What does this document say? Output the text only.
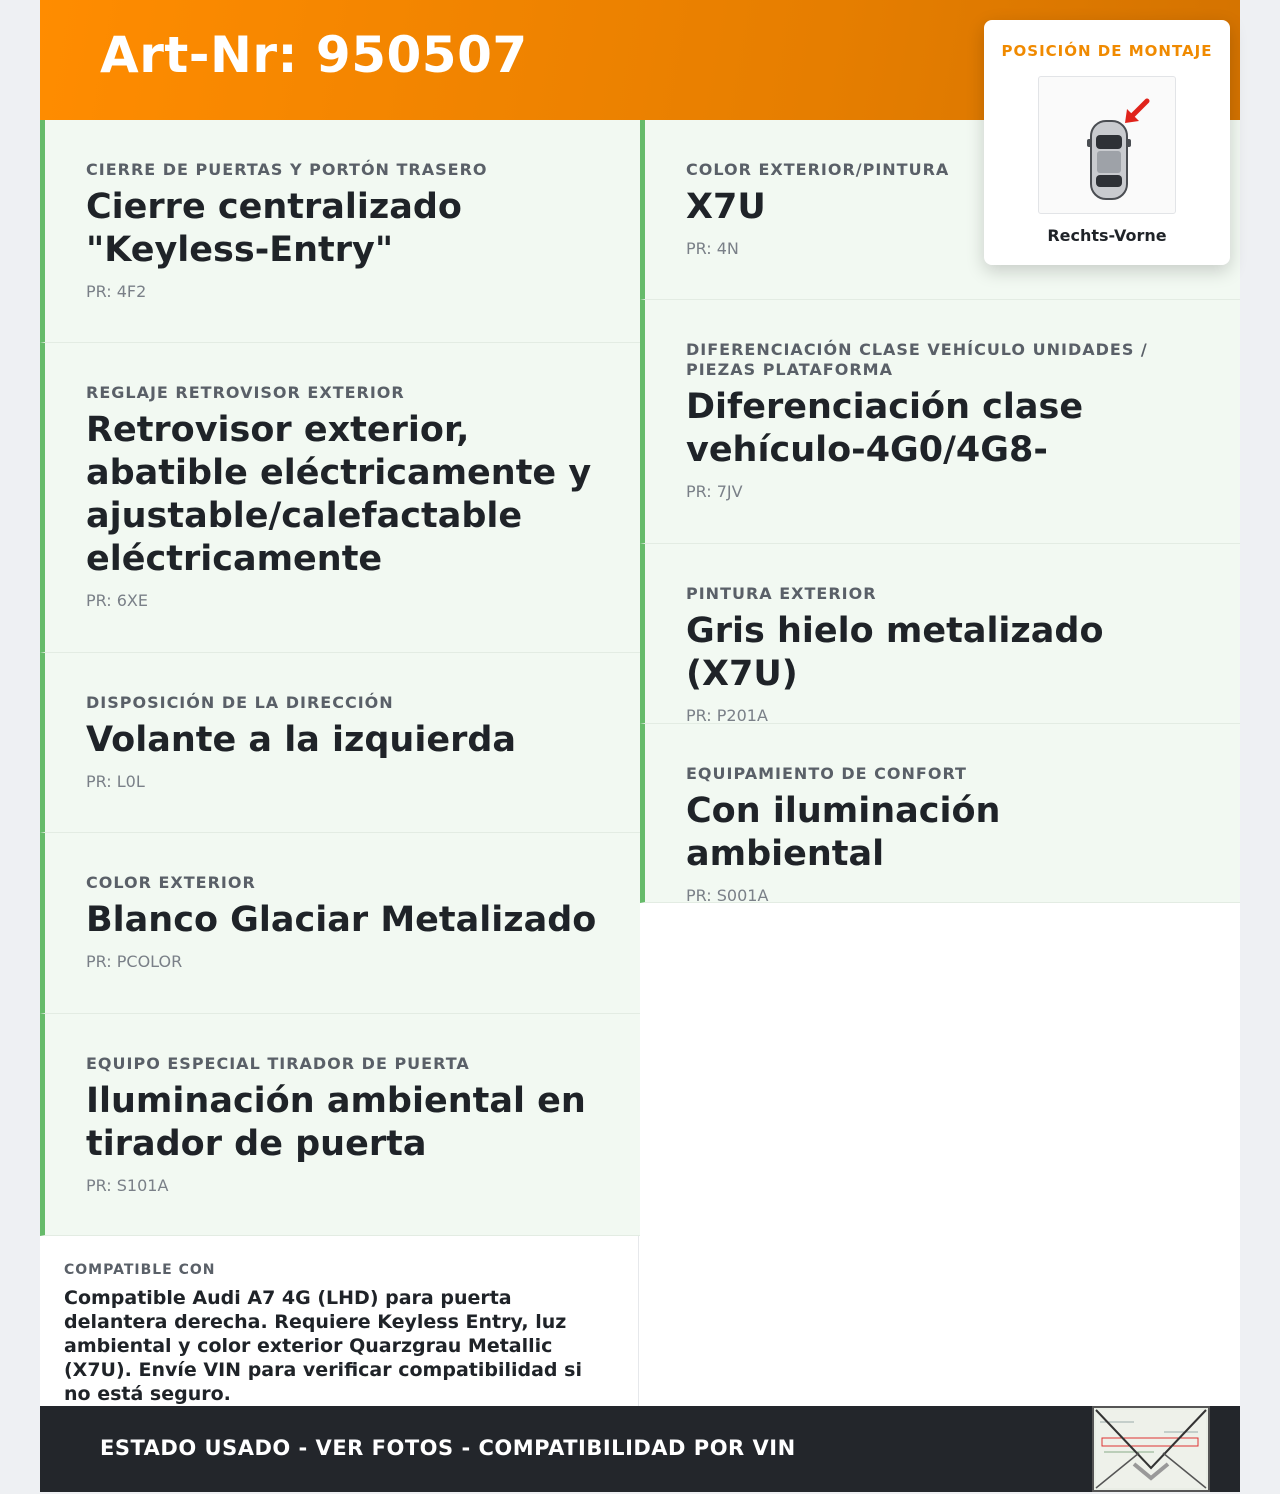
Art-Nr: 950507
CIERRE DE PUERTAS Y PORTÓN TRASERO
Cierre centralizado "Keyless-Entry"
PR: 4F2
REGLAJE RETROVISOR EXTERIOR
Retrovisor exterior, abatible eléctricamente y ajustable/calefactable eléctricamente
PR: 6XE
DISPOSICIÓN DE LA DIRECCIÓN
Volante a la izquierda
PR: L0L
COLOR EXTERIOR
Blanco Glaciar Metalizado
PR: PCOLOR
EQUIPO ESPECIAL TIRADOR DE PUERTA
Iluminación ambiental en tirador de puerta
PR: S101A
COLOR EXTERIOR/PINTURA
X7U
PR: 4N
DIFERENCIACIÓN CLASE VEHÍCULO UNIDADES / PIEZAS PLATAFORMA
Diferenciación clase vehículo-4G0/4G8-
PR: 7JV
PINTURA EXTERIOR
Gris hielo metalizado (X7U)
PR: P201A
EQUIPAMIENTO DE CONFORT
Con iluminación ambiental
PR: S001A
COMPATIBLE CON
Compatible Audi A7 4G (LHD) para puerta delantera derecha. Requiere Keyless Entry, luz ambiental y color exterior Quarzgrau Metallic (X7U). Envíe VIN para verificar compatibilidad si no está seguro.
ESTADO USADO - VER FOTOS - COMPATIBILIDAD POR VIN
POSICIÓN DE MONTAJE
Rechts-Vorne
